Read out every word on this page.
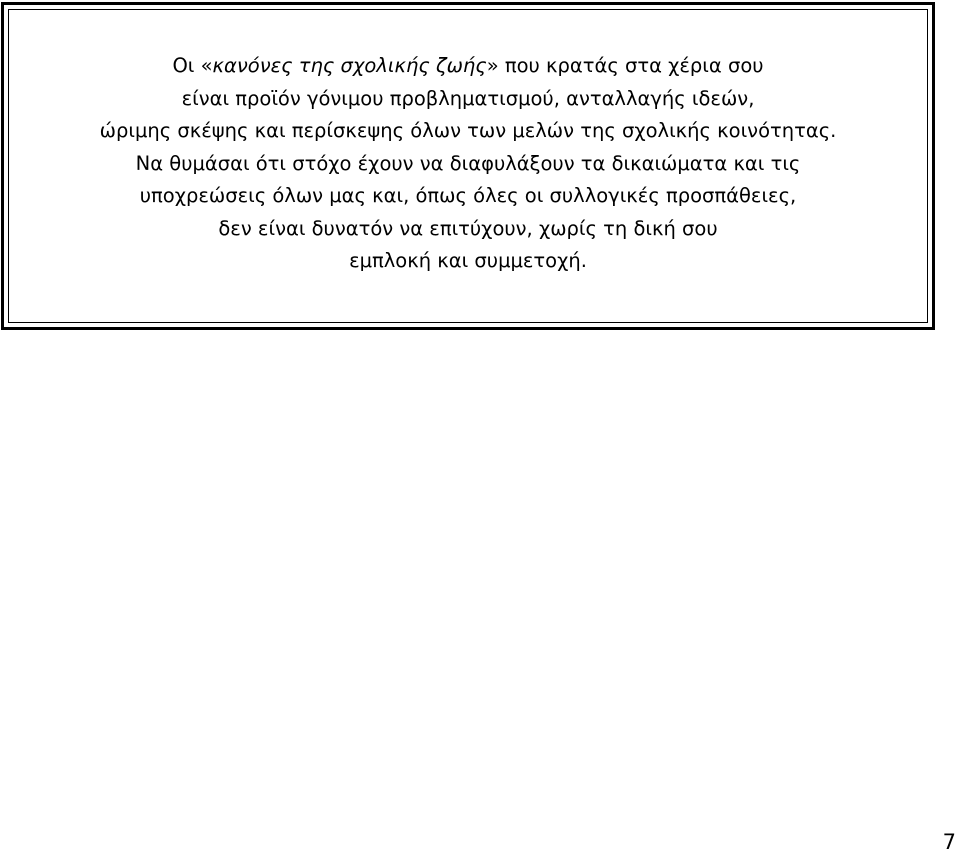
Οι «κανόνες της σχολικής ζωής» που κρατάς στα χέρια σου
είναι προϊόν γόνιμου προβληματισμού, ανταλλαγής ιδεών,
ώριμης σκέψης και περίσκεψης όλων των μελών της σχολικής κοινότητας.
Να θυμάσαι ότι στόχο έχουν να διαφυλάξουν τα δικαιώματα και τις
υποχρεώσεις όλων μας και, όπως όλες οι συλλογικές προσπάθειες,
δεν είναι δυνατόν να επιτύχουν, χωρίς τη δική σου
εμπλοκή και συμμετοχή.
7
